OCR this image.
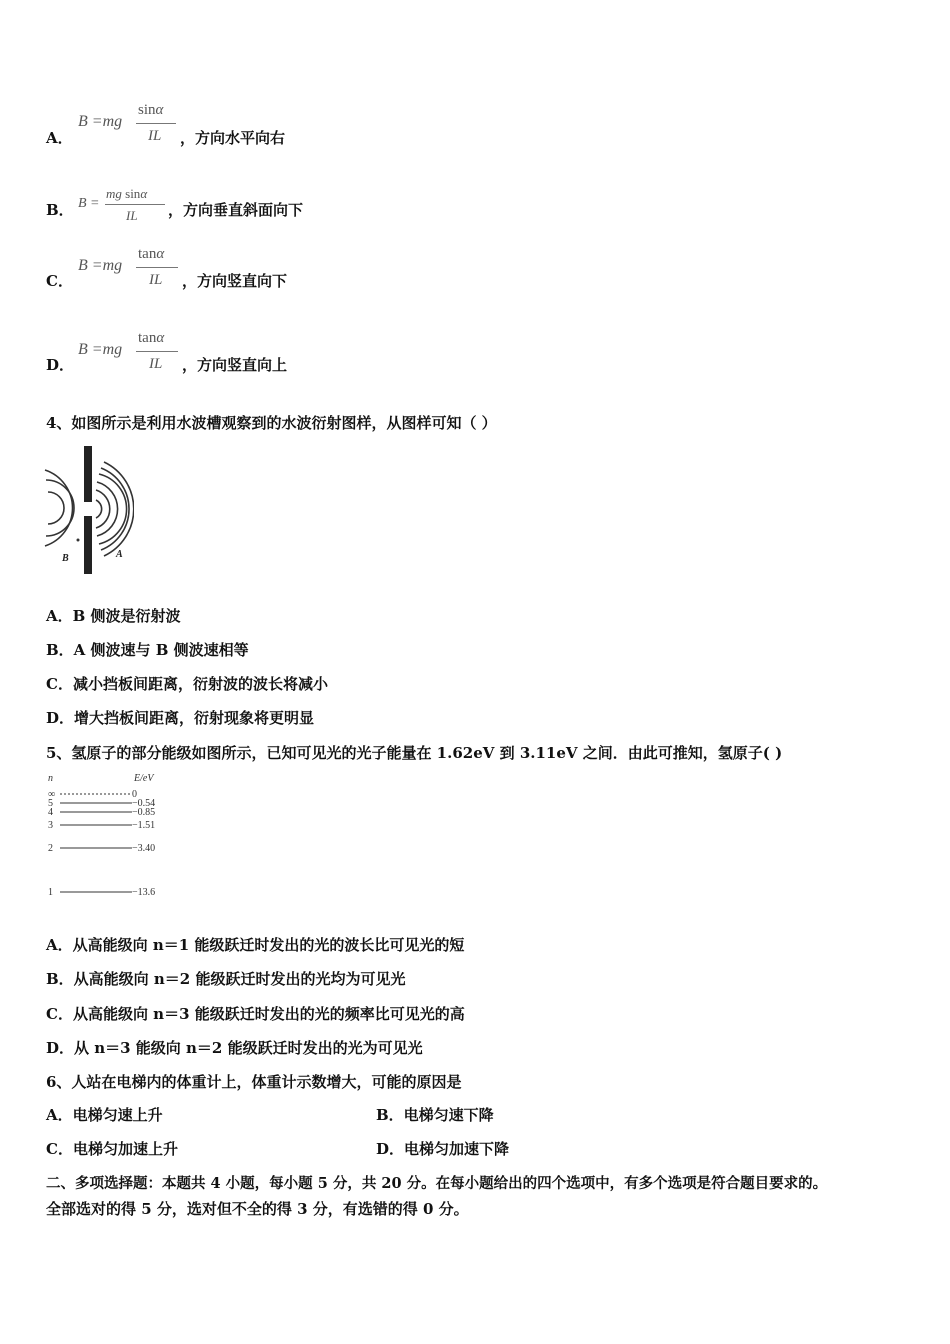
A．
B =mg
sinα
IL ，方向水平向右
B． B =
mg sinα
IL ，方向垂直斜面向下
C．
B =mg
tanα
IL ，方向竖直向下
D．
B =mg
tanα
IL ，方向竖直向上
4、如图所示是利用水波槽观察到的水波衍射图样，从图样可知（ ）
B	A
A．B 侧波是衍射波
B．A 侧波速与 B 侧波速相等
C．减小挡板间距离，衍射波的波长将减小
D．增大挡板间距离，衍射现象将更明显
5、氢原子的部分能级如图所示，已知可见光的光子能量在 1.62eV 到 3.11eV 之间．由此可推知，氢原子( )
n	E/eV
∞	0
5	−0.54
4	−0.85
3	−1.51
2	−3.40
1	−13.6
A．从高能级向 n＝1 能级跃迁时发出的光的波长比可见光的短
B．从高能级向 n＝2 能级跃迁时发出的光均为可见光
C．从高能级向 n＝3 能级跃迁时发出的光的频率比可见光的高
D．从 n＝3 能级向 n＝2 能级跃迁时发出的光为可见光
6、人站在电梯内的体重计上，体重计示数增大，可能的原因是
A．电梯匀速上升	B．电梯匀速下降
C．电梯匀加速上升	D．电梯匀加速下降
二、多项选择题：本题共 4 小题，每小题 5 分，共 20 分。在每小题给出的四个选项中，有多个选项是符合题目要求的。
全部选对的得 5 分，选对但不全的得 3 分，有选错的得 0 分。
